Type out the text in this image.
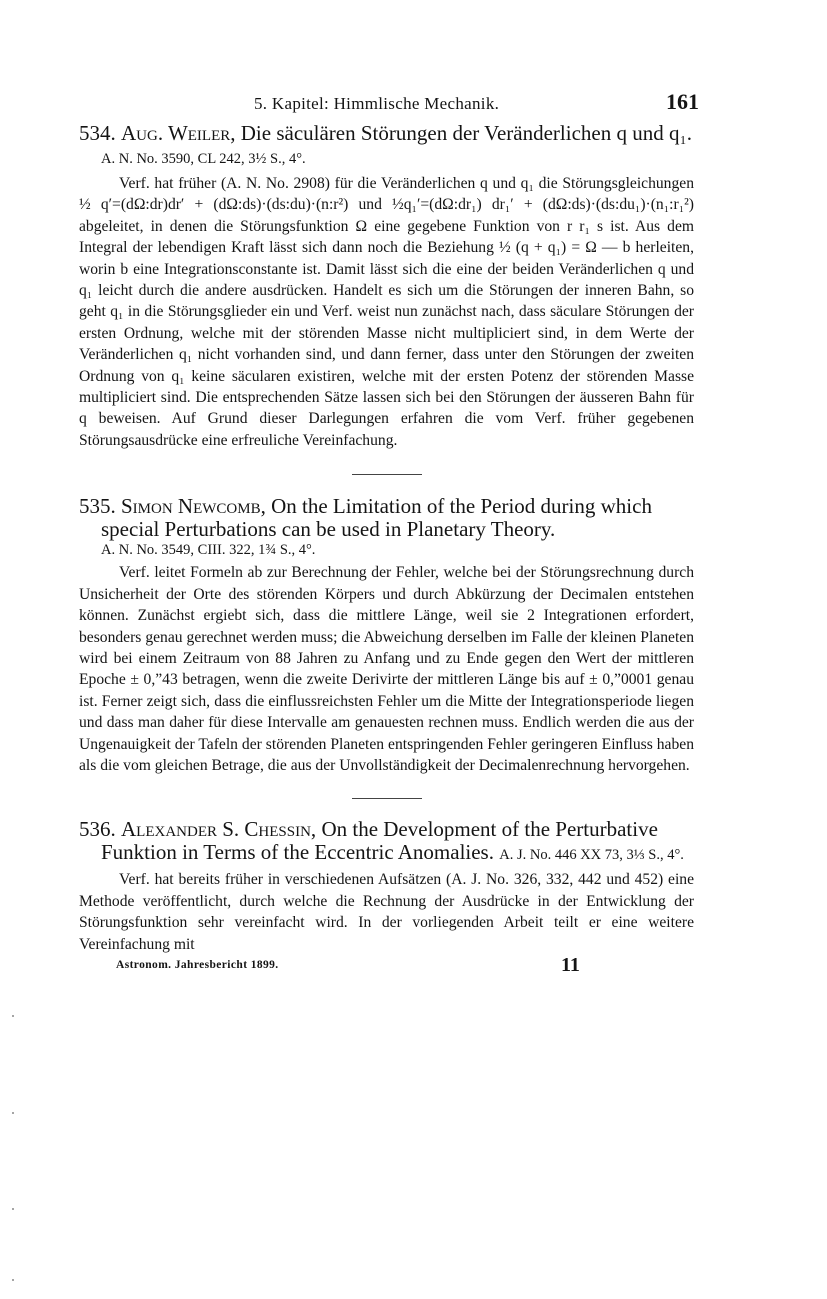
5. Kapitel: Himmlische Mechanik.	161

534. Aug. Weiler, Die säculären Störungen der Veränderlichen q und q₁. A. N. No. 3590, CL 242, 3½ S., 4°.

Verf. hat früher (A. N. No. 2908) für die Veränderlichen q und q₁ die Störungsgleichungen ½ q′=(dΩ:dr)dr′ + (dΩ:ds)·(ds:du)·(n:r²) und ½q₁′=(dΩ:dr₁) dr₁′ + (dΩ:ds)·(ds:du₁)·(n₁:r₁²) abgeleitet, in denen die Störungsfunktion Ω eine gegebene Funktion von r r₁ s ist. Aus dem Integral der lebendigen Kraft lässt sich dann noch die Beziehung ½ (q + q₁) = Ω — b herleiten, worin b eine Integrationsconstante ist. Damit lässt sich die eine der beiden Veränderlichen q und q₁ leicht durch die andere ausdrücken. Handelt es sich um die Störungen der inneren Bahn, so geht q₁ in die Störungsglieder ein und Verf. weist nun zunächst nach, dass säculare Störungen der ersten Ordnung, welche mit der störenden Masse nicht multipliciert sind, in dem Werte der Veränderlichen q₁ nicht vorhanden sind, und dann ferner, dass unter den Störungen der zweiten Ordnung von q₁ keine säcularen existiren, welche mit der ersten Potenz der störenden Masse multipliciert sind. Die entsprechenden Sätze lassen sich bei den Störungen der äusseren Bahn für q beweisen. Auf Grund dieser Darlegungen erfahren die vom Verf. früher gegebenen Störungsausdrücke eine erfreuliche Vereinfachung.

535. Simon Newcomb, On the Limitation of the Period during which special Perturbations can be used in Planetary Theory.

A. N. No. 3549, CIII. 322, 1¾ S., 4°.

Verf. leitet Formeln ab zur Berechnung der Fehler, welche bei der Störungsrechnung durch Unsicherheit der Orte des störenden Körpers und durch Abkürzung der Decimalen entstehen können. Zunächst ergiebt sich, dass die mittlere Länge, weil sie 2 Integrationen erfordert, besonders genau gerechnet werden muss; die Abweichung derselben im Falle der kleinen Planeten wird bei einem Zeitraum von 88 Jahren zu Anfang und zu Ende gegen den Wert der mittleren Epoche ± 0,”43 betragen, wenn die zweite Derivirte der mittleren Länge bis auf ± 0,”0001 genau ist. Ferner zeigt sich, dass die einflussreichsten Fehler um die Mitte der Integrationsperiode liegen und dass man daher für diese Intervalle am genauesten rechnen muss. Endlich werden die aus der Ungenauigkeit der Tafeln der störenden Planeten entspringenden Fehler geringeren Einfluss haben als die vom gleichen Betrage, die aus der Unvollständigkeit der Decimalenrechnung hervorgehen.

536. Alexander S. Chessin, On the Development of the Perturbative Funktion in Terms of the Eccentric Anomalies. A. J. No. 446 XX 73, 3⅓ S., 4°.

Verf. hat bereits früher in verschiedenen Aufsätzen (A. J. No. 326, 332, 442 und 452) eine Methode veröffentlicht, durch welche die Rechnung der Ausdrücke in der Entwicklung der Störungsfunktion sehr vereinfacht wird. In der vorliegenden Arbeit teilt er eine weitere Vereinfachung mit

Astronom. Jahresbericht 1899.	11
